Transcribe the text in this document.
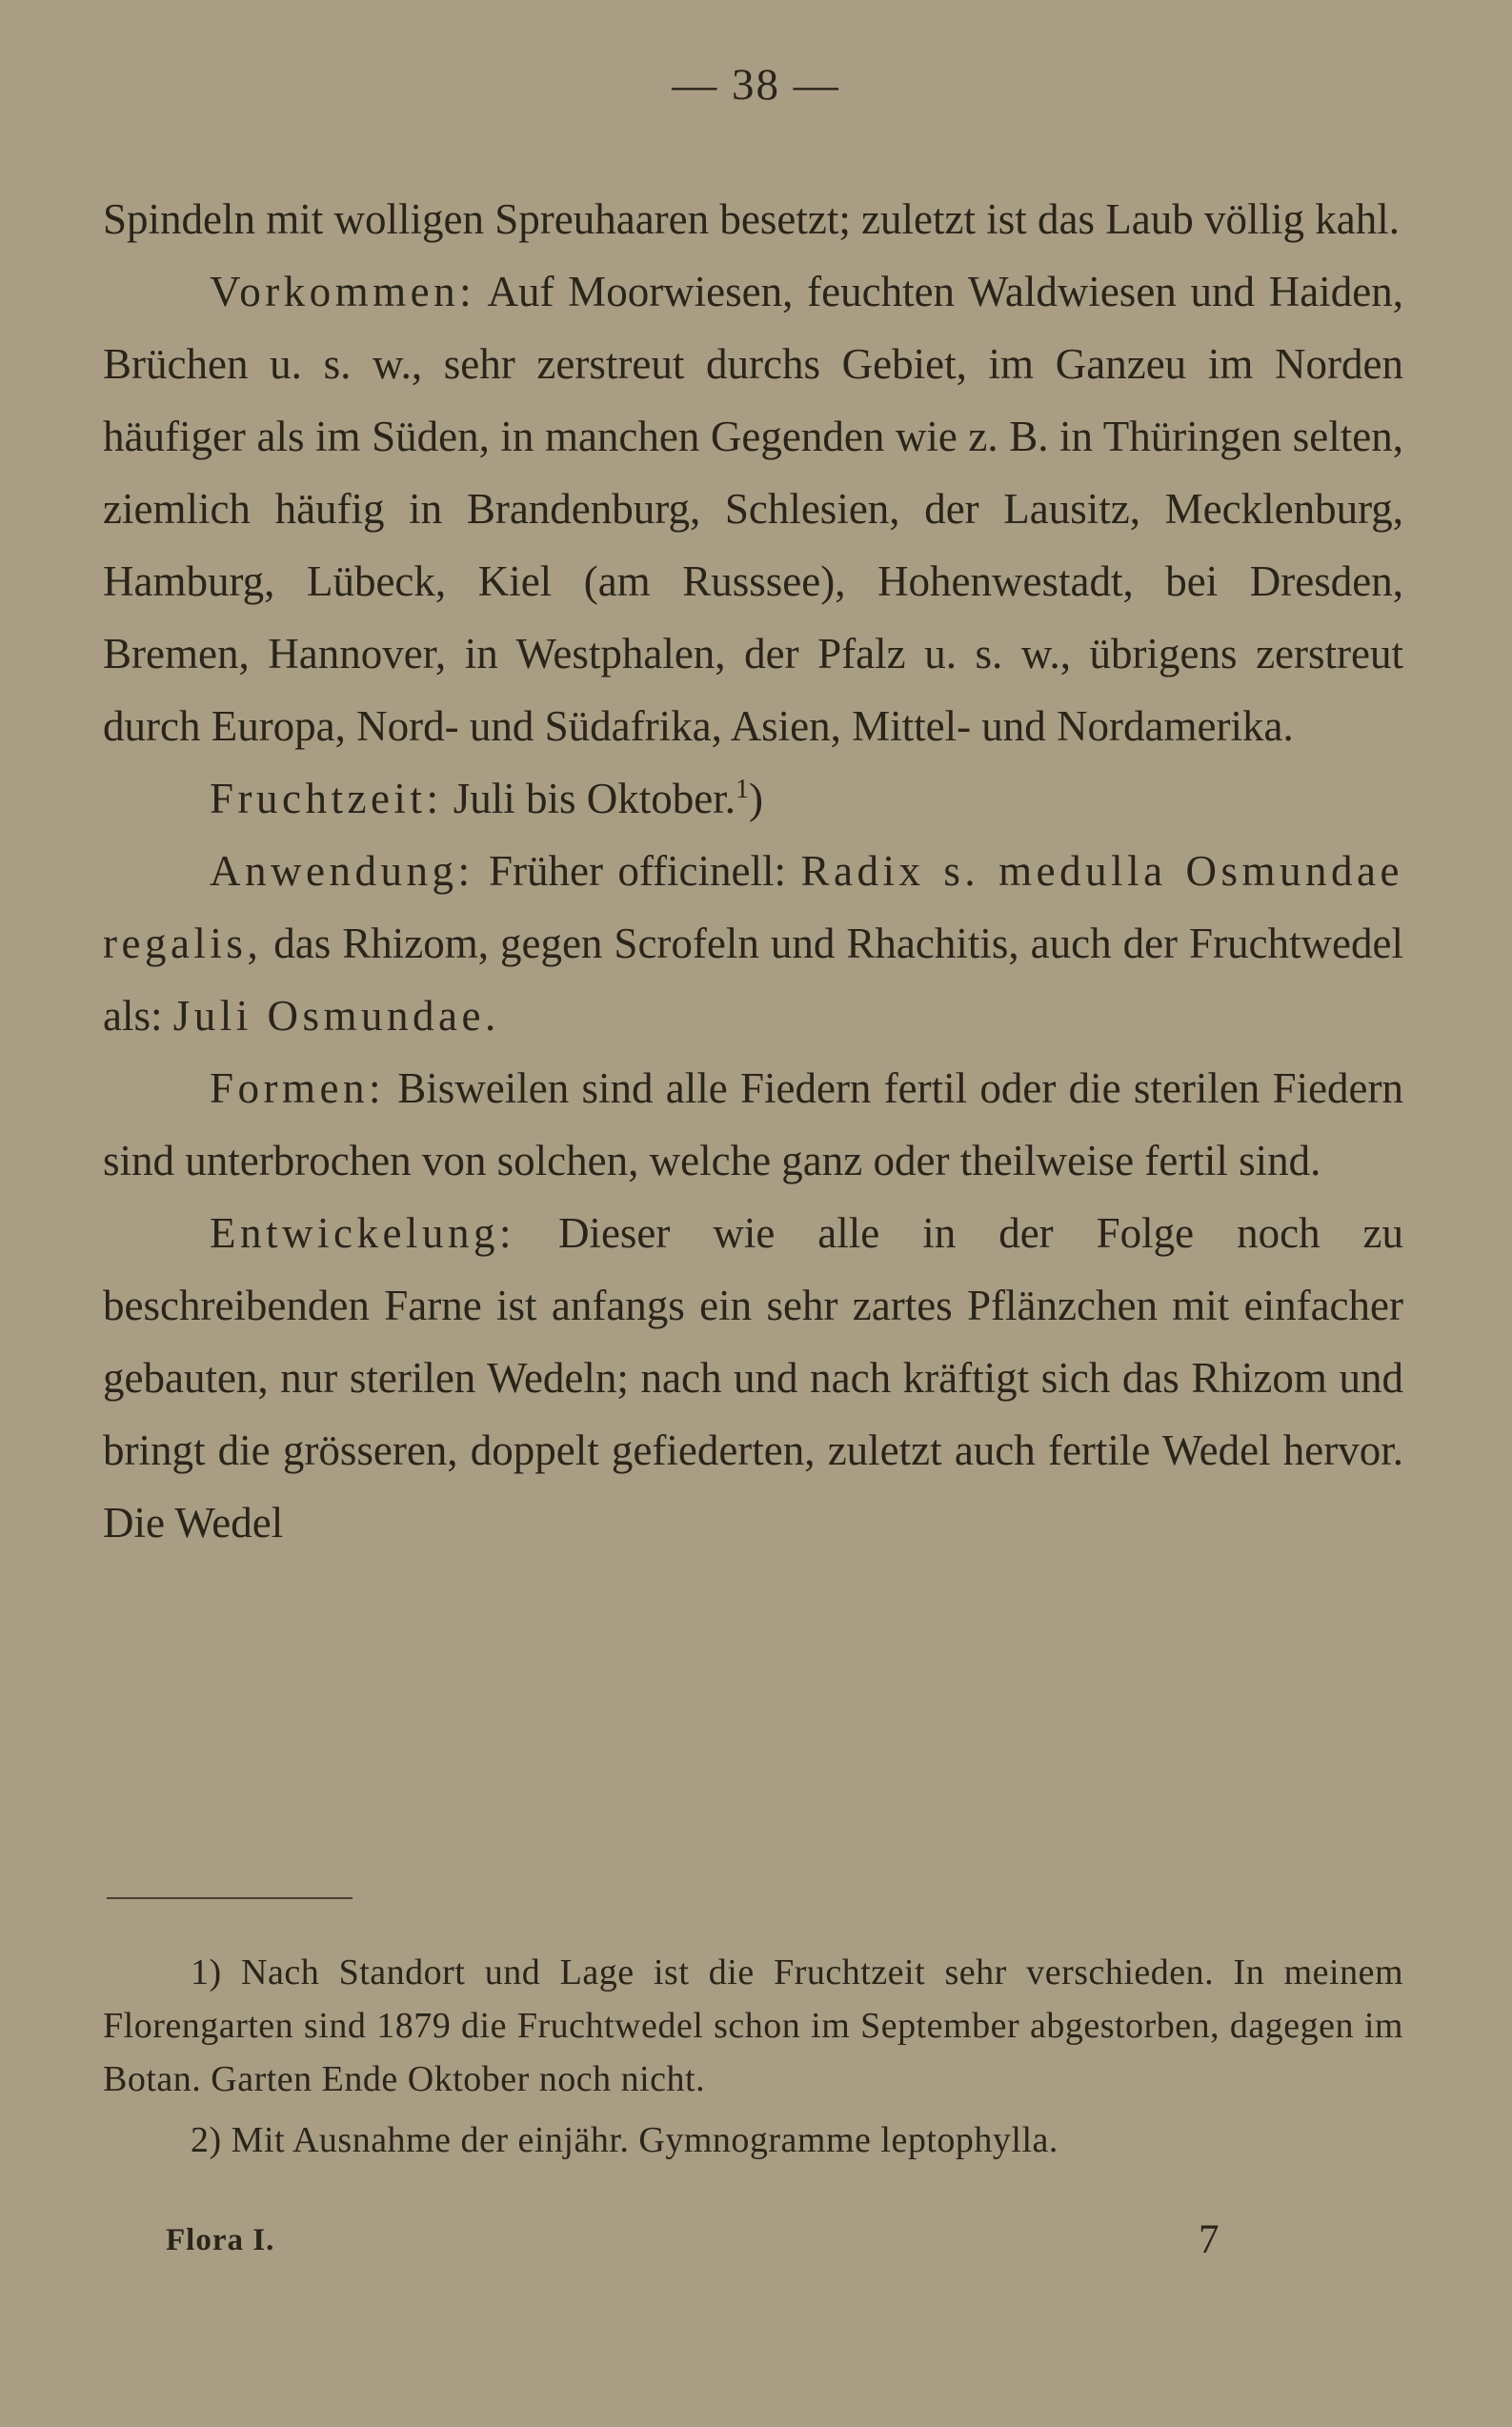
— 38 —

Spindeln mit wolligen Spreuhaaren besetzt; zuletzt ist das Laub völlig kahl.

Vorkommen: Auf Moorwiesen, feuchten Waldwiesen und Haiden, Brüchen u. s. w., sehr zerstreut durchs Gebiet, im Ganzeu im Norden häufiger als im Süden, in manchen Gegenden wie z. B. in Thüringen selten, ziemlich häufig in Brandenburg, Schlesien, der Lausitz, Mecklenburg, Hamburg, Lübeck, Kiel (am Russsee), Hohenwestadt, bei Dresden, Bremen, Hannover, in Westphalen, der Pfalz u. s. w., übrigens zerstreut durch Europa, Nord- und Südafrika, Asien, Mittel- und Nordamerika.

Fruchtzeit: Juli bis Oktober.$^1$)

Anwendung: Früher officinell: Radix s. medulla Osmundae regalis, das Rhizom, gegen Scrofeln und Rhachitis, auch der Fruchtwedel als: Juli Osmundae.

Formen: Bisweilen sind alle Fiedern fertil oder die sterilen Fiedern sind unterbrochen von solchen, welche ganz oder theilweise fertil sind.

Entwickelung: Dieser wie alle in der Folge noch zu beschreibenden Farne ist anfangs ein sehr zartes Pflänzchen mit einfacher gebauten, nur sterilen Wedeln; nach und nach kräftigt sich das Rhizom und bringt die grösseren, doppelt gefiederten, zuletzt auch fertile Wedel hervor. Die Wedel

1) Nach Standort und Lage ist die Fruchtzeit sehr verschieden. In meinem Florengarten sind 1879 die Fruchtwedel schon im September abgestorben, dagegen im Botan. Garten Ende Oktober noch nicht.

2) Mit Ausnahme der einjähr. Gymnogramme leptophylla.

Flora I.	7
